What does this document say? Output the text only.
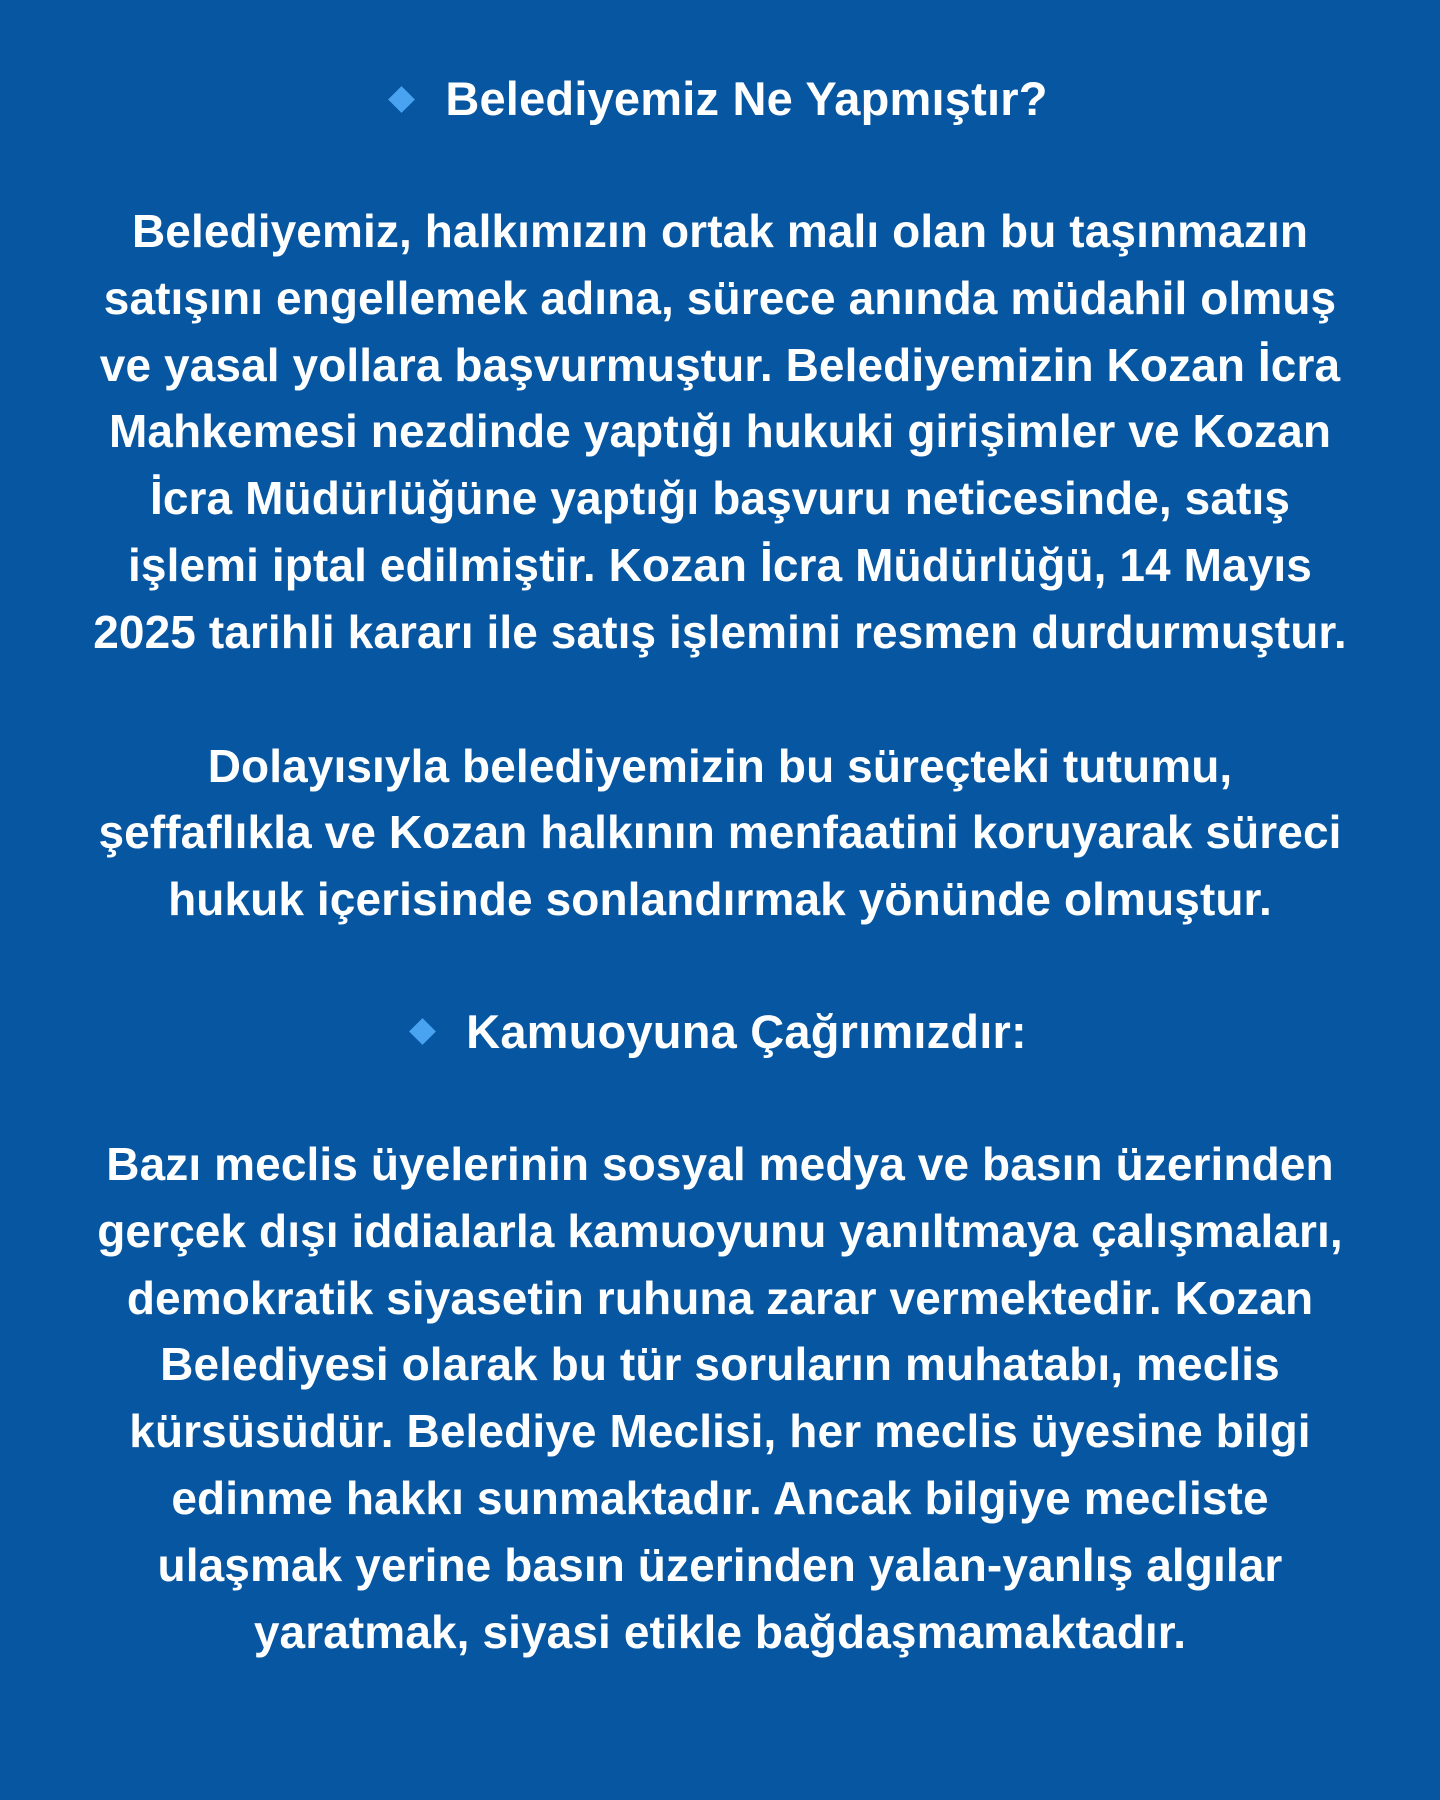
Belediyemiz Ne Yapmıştır?
Belediyemiz, halkımızın ortak malı olan bu taşınmazın
satışını engellemek adına, sürece anında müdahil olmuş
ve yasal yollara başvurmuştur. Belediyemizin Kozan İcra
Mahkemesi nezdinde yaptığı hukuki girişimler ve Kozan
İcra Müdürlüğüne yaptığı başvuru neticesinde, satış
işlemi iptal edilmiştir. Kozan İcra Müdürlüğü, 14 Mayıs
2025 tarihli kararı ile satış işlemini resmen durdurmuştur.
Dolayısıyla belediyemizin bu süreçteki tutumu,
şeffaflıkla ve Kozan halkının menfaatini koruyarak süreci
hukuk içerisinde sonlandırmak yönünde olmuştur.
Kamuoyuna Çağrımızdır:
Bazı meclis üyelerinin sosyal medya ve basın üzerinden
gerçek dışı iddialarla kamuoyunu yanıltmaya çalışmaları,
demokratik siyasetin ruhuna zarar vermektedir. Kozan
Belediyesi olarak bu tür soruların muhatabı, meclis
kürsüsüdür. Belediye Meclisi, her meclis üyesine bilgi
edinme hakkı sunmaktadır. Ancak bilgiye mecliste
ulaşmak yerine basın üzerinden yalan-yanlış algılar
yaratmak, siyasi etikle bağdaşmamaktadır.
